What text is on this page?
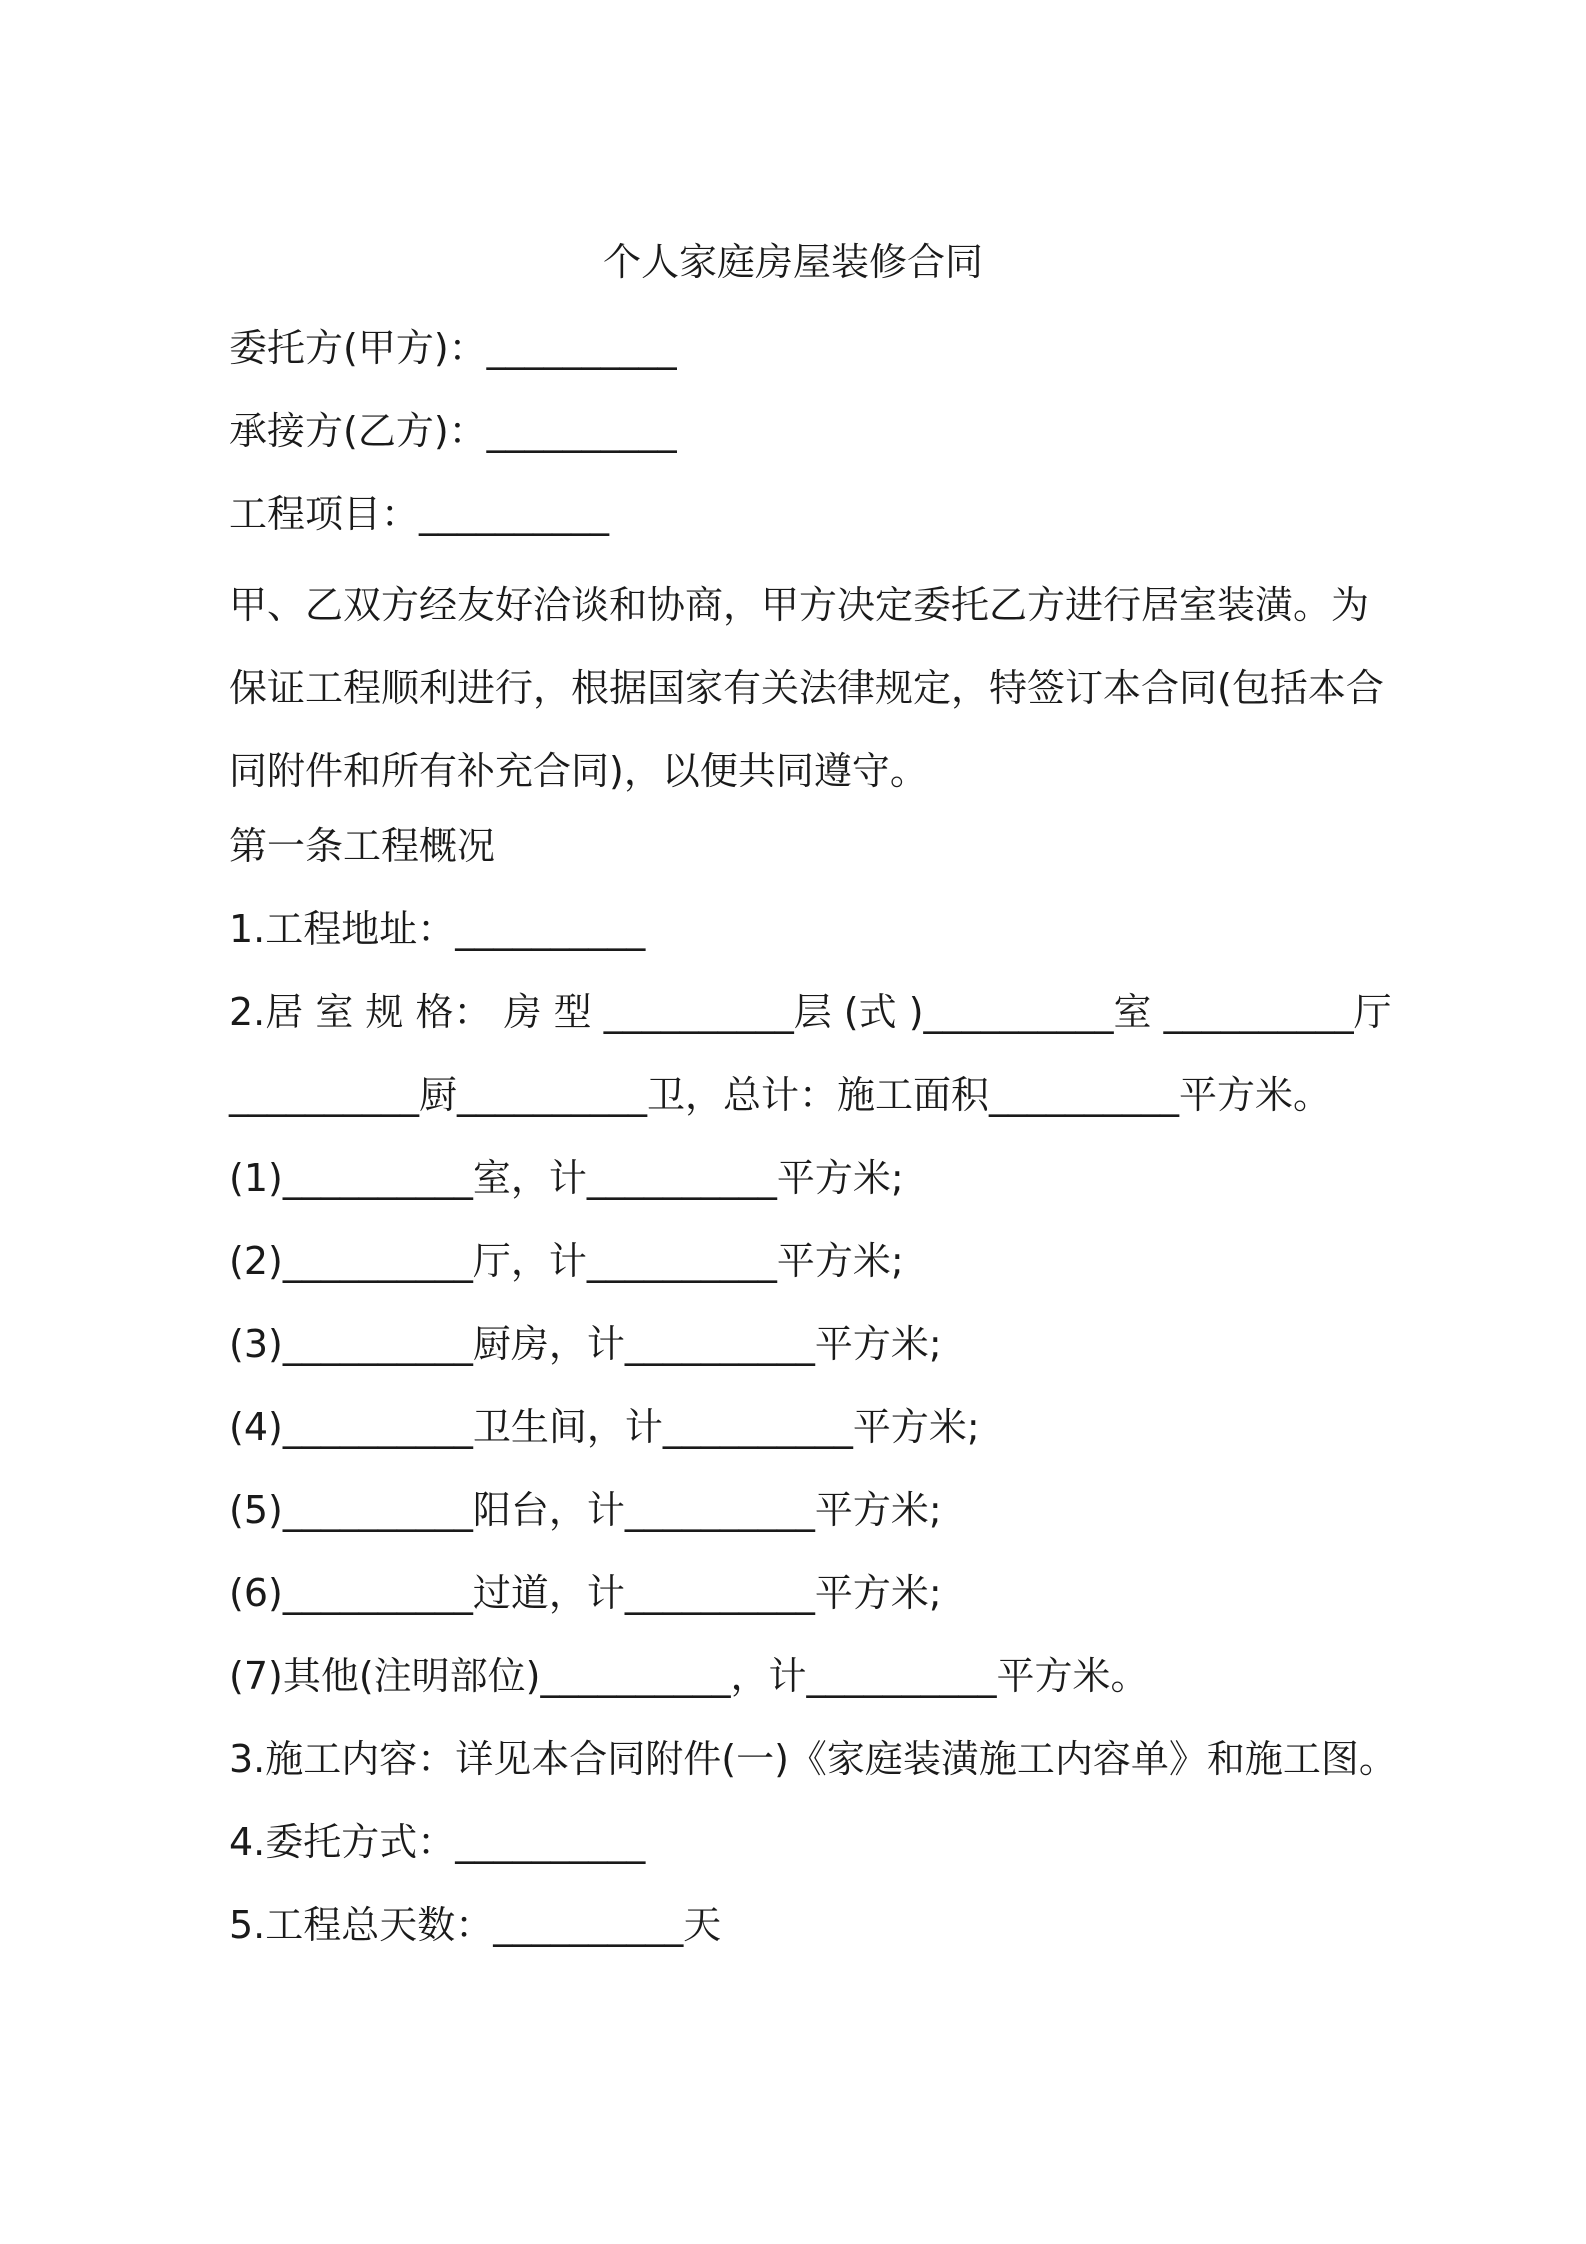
个人家庭房屋装修合同
委托方(甲方)：__________
承接方(乙方)：__________
工程项目：__________
甲、乙双方经友好洽谈和协商，甲方决定委托乙方进行居室装潢。为
保证工程顺利进行，根据国家有关法律规定，特签订本合同(包括本合
同附件和所有补充合同)，以便共同遵守。
第一条工程概况
1.工程地址：__________
2.居 室 规 格： 房 型 __________层 (式 )__________室 __________厅
__________厨__________卫，总计：施工面积__________平方米。
(1)__________室，计__________平方米;
(2)__________厅，计__________平方米;
(3)__________厨房，计__________平方米;
(4)__________卫生间，计__________平方米;
(5)__________阳台，计__________平方米;
(6)__________过道，计__________平方米;
(7)其他(注明部位)__________，计__________平方米。
3.施工内容：详见本合同附件(一)《家庭装潢施工内容单》和施工图。
4.委托方式：__________
5.工程总天数：__________天
